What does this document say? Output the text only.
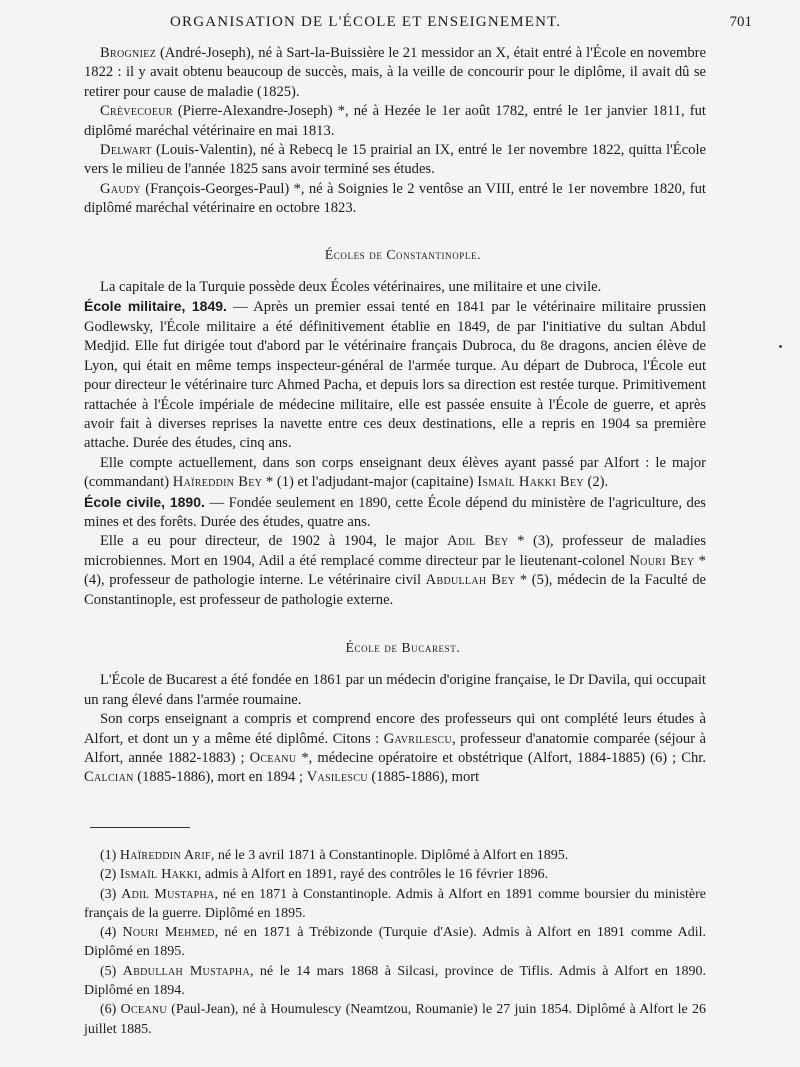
ORGANISATION DE L'ÉCOLE ET ENSEIGNEMENT.	701

Brogniez (André-Joseph), né à Sart-la-Buissière le 21 messidor an X, était entré à l'École en novembre 1822 : il y avait obtenu beaucoup de succès, mais, à la veille de concourir pour le diplôme, il avait dû se retirer pour cause de maladie (1825).

Crèvecoeur (Pierre-Alexandre-Joseph) *, né à Hezée le 1er août 1782, entré le 1er janvier 1811, fut diplômé maréchal vétérinaire en mai 1813.

Delwart (Louis-Valentin), né à Rebecq le 15 prairial an IX, entré le 1er novembre 1822, quitta l'École vers le milieu de l'année 1825 sans avoir terminé ses études.

Gaudy (François-Georges-Paul) *, né à Soignies le 2 ventôse an VIII, entré le 1er novembre 1820, fut diplômé maréchal vétérinaire en octobre 1823.

Écoles de Constantinople.

La capitale de la Turquie possède deux Écoles vétérinaires, une militaire et une civile.

École militaire, 1849. — Après un premier essai tenté en 1841 par le vétérinaire militaire prussien Godlewsky, l'École militaire a été définitivement établie en 1849, de par l'initiative du sultan Abdul Medjid. Elle fut dirigée tout d'abord par le vétérinaire français Dubroca, du 8e dragons, ancien élève de Lyon, qui était en même temps inspecteur-général de l'armée turque. Au départ de Dubroca, l'École eut pour directeur le vétérinaire turc Ahmed Pacha, et depuis lors sa direction est restée turque. Primitivement rattachée à l'École impériale de médecine militaire, elle est passée ensuite à l'École de guerre, et après avoir fait à diverses reprises la navette entre ces deux destinations, elle a repris en 1904 sa première attache. Durée des études, cinq ans.

Elle compte actuellement, dans son corps enseignant deux élèves ayant passé par Alfort : le major (commandant) Haïreddin Bey * (1) et l'adjudant-major (capitaine) Ismaïl Hakki Bey (2).

École civile, 1890. — Fondée seulement en 1890, cette École dépend du ministère de l'agriculture, des mines et des forêts. Durée des études, quatre ans.

Elle a eu pour directeur, de 1902 à 1904, le major Adil Bey * (3), professeur de maladies microbiennes. Mort en 1904, Adil a été remplacé comme directeur par le lieutenant-colonel Nouri Bey * (4), professeur de pathologie interne. Le vétérinaire civil Abdullah Bey * (5), médecin de la Faculté de Constantinople, est professeur de pathologie externe.

École de Bucarest.

L'École de Bucarest a été fondée en 1861 par un médecin d'origine française, le Dr Davila, qui occupait un rang élevé dans l'armée roumaine.

Son corps enseignant a compris et comprend encore des professeurs qui ont complété leurs études à Alfort, et dont un y a même été diplômé. Citons : Gavrilescu, professeur d'anatomie comparée (séjour à Alfort, année 1882-1883) ; Oceanu *, médecine opératoire et obstétrique (Alfort, 1884-1885) (6) ; Chr. Calcian (1885-1886), mort en 1894 ; Vasilescu (1885-1886), mort

(1) Haïreddin Arif, né le 3 avril 1871 à Constantinople. Diplômé à Alfort en 1895.

(2) Ismaïl Hakki, admis à Alfort en 1891, rayé des contrôles le 16 février 1896.

(3) Adil Mustapha, né en 1871 à Constantinople. Admis à Alfort en 1891 comme boursier du ministère français de la guerre. Diplômé en 1895.

(4) Nouri Mehmed, né en 1871 à Trébizonde (Turquie d'Asie). Admis à Alfort en 1891 comme Adil. Diplômé en 1895.

(5) Abdullah Mustapha, né le 14 mars 1868 à Silcasi, province de Tiflis. Admis à Alfort en 1890. Diplômé en 1894.

(6) Oceanu (Paul-Jean), né à Houmulescy (Neamtzou, Roumanie) le 27 juin 1854. Diplômé à Alfort le 26 juillet 1885.
